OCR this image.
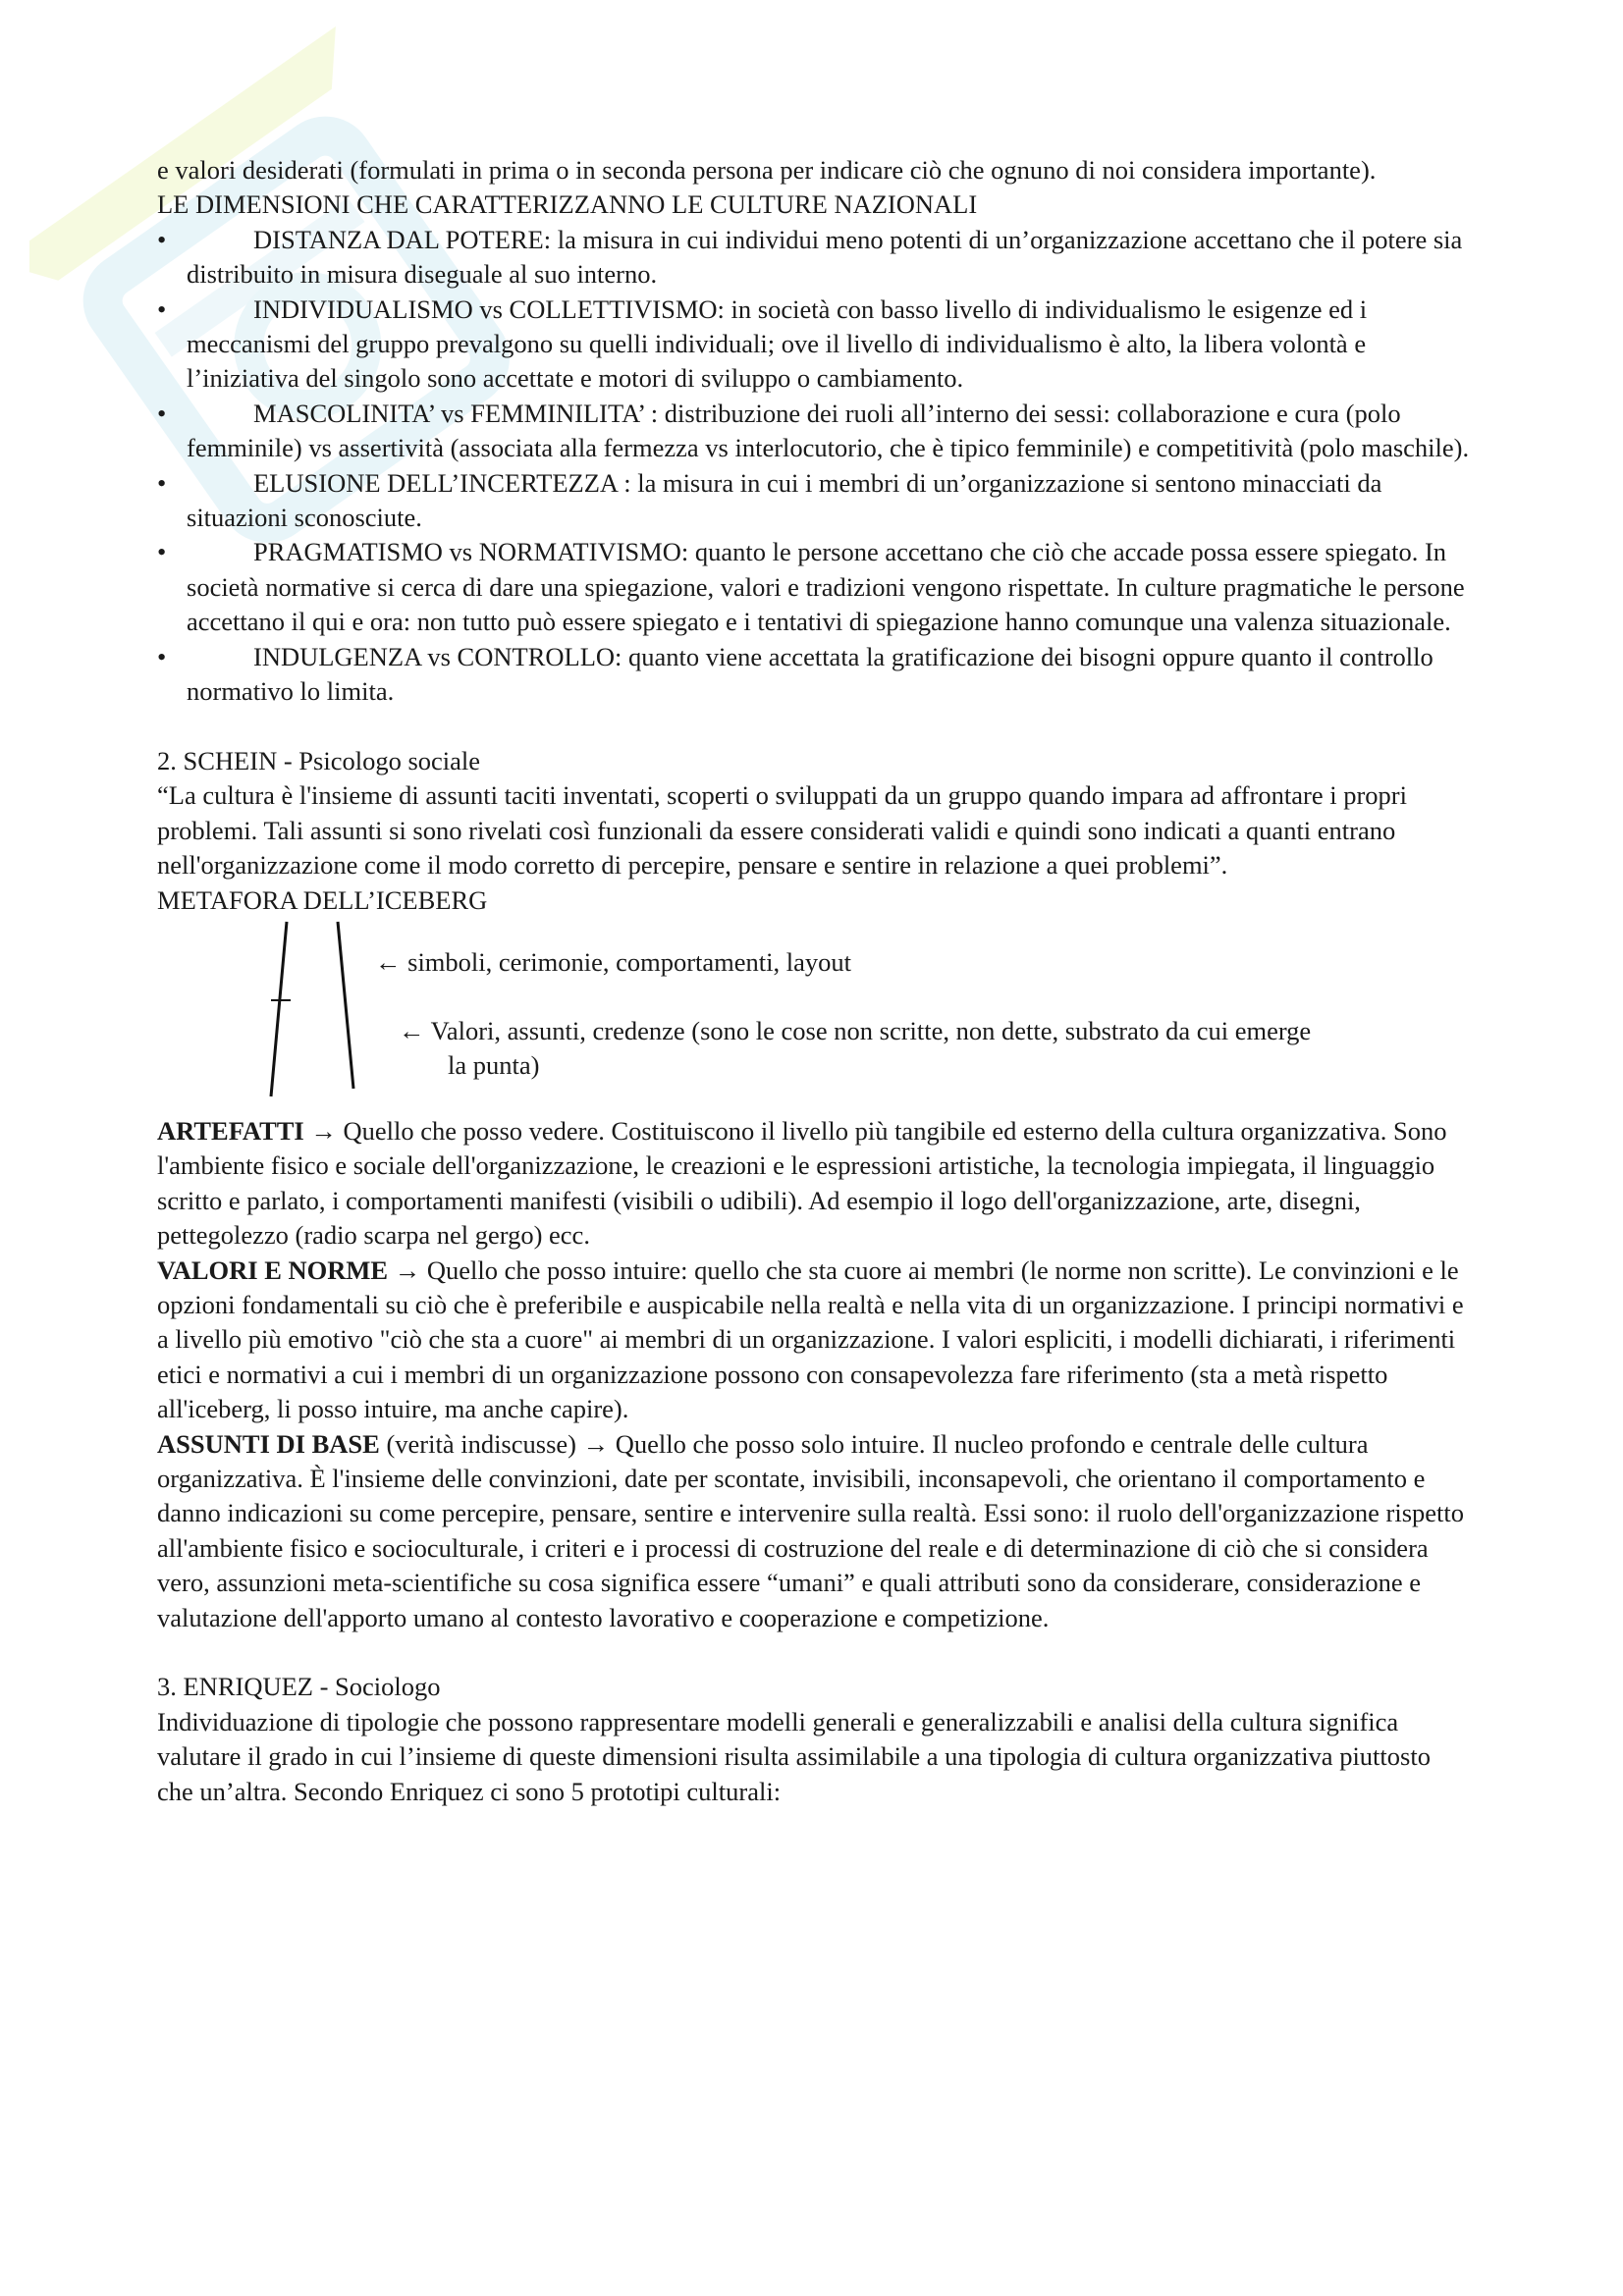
e valori desiderati (formulati in prima o in seconda persona per indicare ciò che ognuno di noi considera importante).

LE DIMENSIONI CHE CARATTERIZZANNO LE CULTURE NAZIONALI

•	DISTANZA DAL POTERE: la misura in cui individui meno potenti di un’organizzazione accettano che il potere sia distribuito in misura diseguale al suo interno.
•	INDIVIDUALISMO vs COLLETTIVISMO: in società con basso livello di individualismo le esigenze ed i meccanismi del gruppo prevalgono su quelli individuali; ove il livello di individualismo è alto, la libera volontà e l’iniziativa del singolo sono accettate e motori di sviluppo o cambiamento.
•	MASCOLINITA’ vs FEMMINILITA’ : distribuzione dei ruoli all’interno dei sessi: collaborazione e cura (polo femminile) vs assertività (associata alla fermezza vs interlocutorio, che è tipico femminile) e competitività (polo maschile).
•	ELUSIONE DELL’INCERTEZZA : la misura in cui i membri di un’organizzazione si sentono minacciati da situazioni sconosciute.
•	PRAGMATISMO vs NORMATIVISMO: quanto le persone accettano che ciò che accade possa essere spiegato. In società normative si cerca di dare una spiegazione, valori e tradizioni vengono rispettate. In culture pragmatiche le persone accettano il qui e ora: non tutto può essere spiegato e i tentativi di spiegazione hanno comunque una valenza situazionale.
•	INDULGENZA vs CONTROLLO: quanto viene accettata la gratificazione dei bisogni oppure quanto il controllo normativo lo limita.

2. SCHEIN - Psicologo sociale

“La cultura è l'insieme di assunti taciti inventati, scoperti o sviluppati da un gruppo quando impara ad affrontare i propri problemi. Tali assunti si sono rivelati così funzionali da essere considerati validi e quindi sono indicati a quanti entrano nell'organizzazione come il modo corretto di percepire, pensare e sentire in relazione a quei problemi”.

METAFORA DELL’ICEBERG

← simboli, cerimonie, comportamenti, layout
← Valori, assunti, credenze (sono le cose non scritte, non dette, substrato da cui emerge
la punta)

ARTEFATTI → Quello che posso vedere. Costituiscono il livello più tangibile ed esterno della cultura organizzativa. Sono l'ambiente fisico e sociale dell'organizzazione, le creazioni e le espressioni artistiche, la tecnologia impiegata, il linguaggio scritto e parlato, i comportamenti manifesti (visibili o udibili). Ad esempio il logo dell'organizzazione, arte, disegni, pettegolezzo (radio scarpa nel gergo) ecc.

VALORI E NORME → Quello che posso intuire: quello che sta cuore ai membri (le norme non scritte). Le convinzioni e le opzioni fondamentali su ciò che è preferibile e auspicabile nella realtà e nella vita di un organizzazione. I principi normativi e a livello più emotivo "ciò che sta a cuore" ai membri di un organizzazione. I valori espliciti, i modelli dichiarati, i riferimenti etici e normativi a cui i membri di un organizzazione possono con consapevolezza fare riferimento (sta a metà rispetto all'iceberg, li posso intuire, ma anche capire).

ASSUNTI DI BASE (verità indiscusse) → Quello che posso solo intuire. Il nucleo profondo e centrale delle cultura organizzativa. È l'insieme delle convinzioni, date per scontate, invisibili, inconsapevoli, che orientano il comportamento e danno indicazioni su come percepire, pensare, sentire e intervenire sulla realtà. Essi sono: il ruolo dell'organizzazione rispetto all'ambiente fisico e socioculturale, i criteri e i processi di costruzione del reale e di determinazione di ciò che si considera vero, assunzioni meta-scientifiche su cosa significa essere “umani” e quali attributi sono da considerare, considerazione e valutazione dell'apporto umano al contesto lavorativo e cooperazione e competizione.

3. ENRIQUEZ - Sociologo

Individuazione di tipologie che possono rappresentare modelli generali e generalizzabili e analisi della cultura significa valutare il grado in cui l’insieme di queste dimensioni risulta assimilabile a una tipologia di cultura organizzativa piuttosto che un’altra. Secondo Enriquez ci sono 5 prototipi culturali:
